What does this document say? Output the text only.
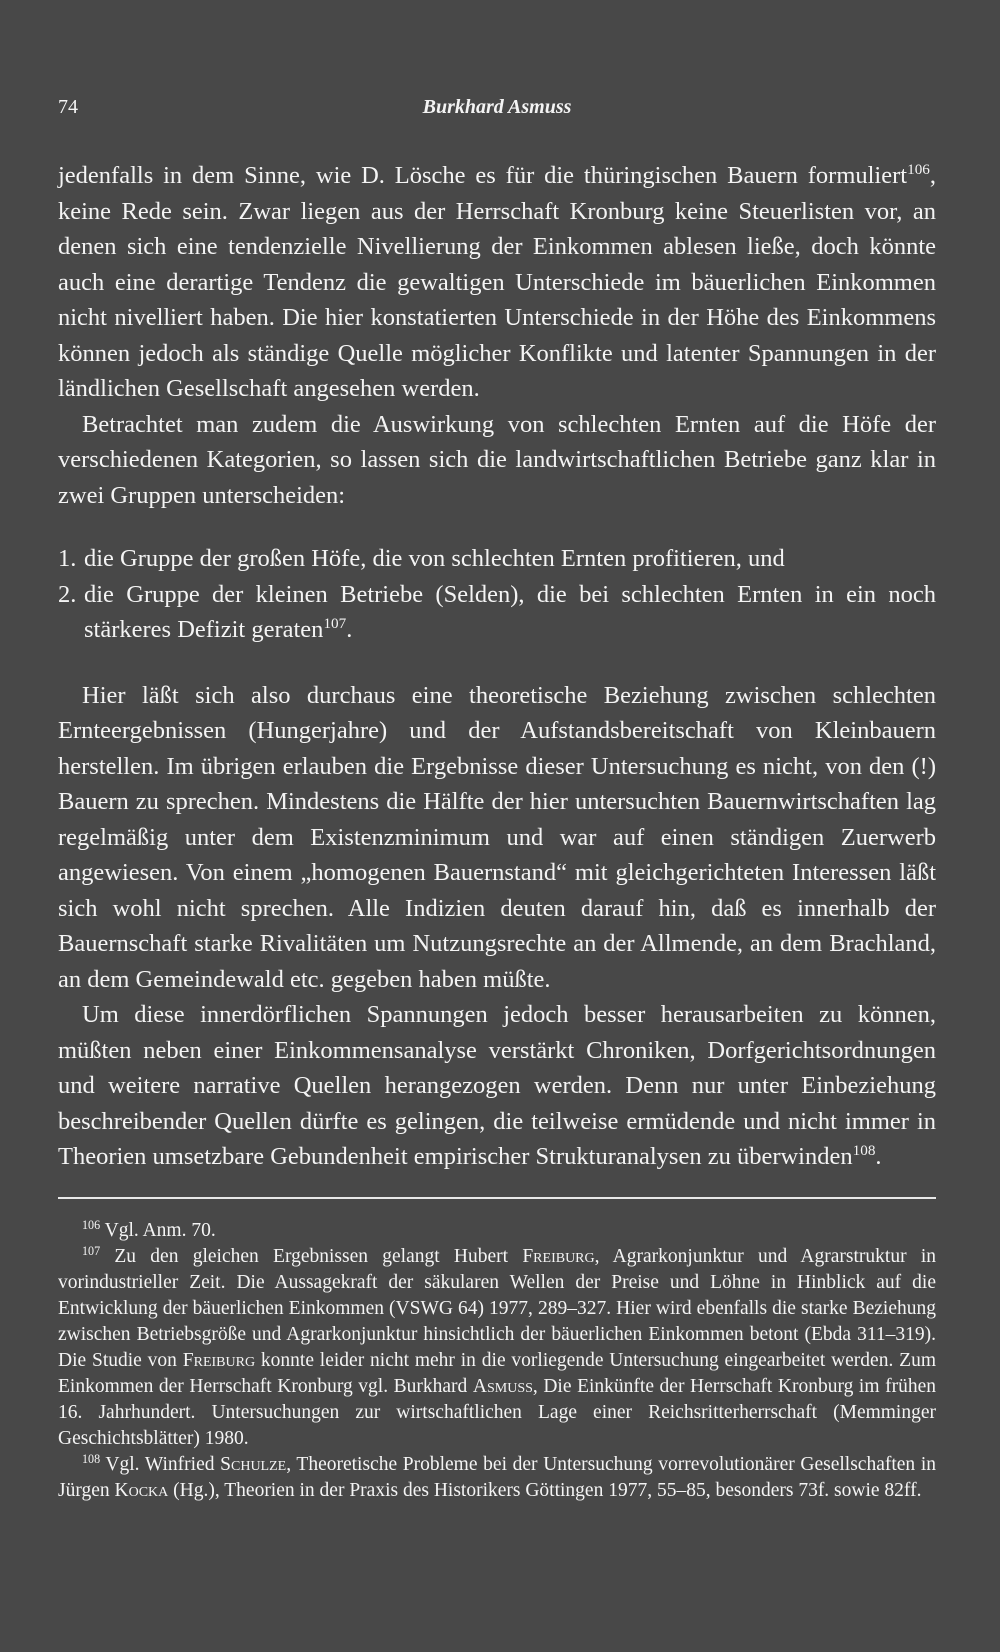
74	Burkhard Asmuss

jedenfalls in dem Sinne, wie D. Lösche es für die thüringischen Bauern formuliert$^{106}$, keine Rede sein. Zwar liegen aus der Herrschaft Kronburg keine Steuerlisten vor, an denen sich eine tendenzielle Nivellierung der Einkommen ablesen ließe, doch könnte auch eine derartige Tendenz die gewaltigen Unterschiede im bäuerlichen Einkommen nicht nivelliert haben. Die hier konstatierten Unterschiede in der Höhe des Einkommens können jedoch als ständige Quelle möglicher Konflikte und latenter Spannungen in der ländlichen Gesellschaft angesehen werden.

Betrachtet man zudem die Auswirkung von schlechten Ernten auf die Höfe der verschiedenen Kategorien, so lassen sich die landwirtschaftlichen Betriebe ganz klar in zwei Gruppen unterscheiden:

1. die Gruppe der großen Höfe, die von schlechten Ernten profitieren, und
2. die Gruppe der kleinen Betriebe (Selden), die bei schlechten Ernten in ein noch stärkeres Defizit geraten$^{107}$.

Hier läßt sich also durchaus eine theoretische Beziehung zwischen schlechten Ernteergebnissen (Hungerjahre) und der Aufstandsbereitschaft von Kleinbauern herstellen. Im übrigen erlauben die Ergebnisse dieser Untersuchung es nicht, von den (!) Bauern zu sprechen. Mindestens die Hälfte der hier untersuchten Bauernwirtschaften lag regelmäßig unter dem Existenzminimum und war auf einen ständigen Zuerwerb angewiesen. Von einem „homogenen Bauernstand“ mit gleichgerichteten Interessen läßt sich wohl nicht sprechen. Alle Indizien deuten darauf hin, daß es innerhalb der Bauernschaft starke Rivalitäten um Nutzungsrechte an der Allmende, an dem Brachland, an dem Gemeindewald etc. gegeben haben müßte.

Um diese innerdörflichen Spannungen jedoch besser herausarbeiten zu können, müßten neben einer Einkommensanalyse verstärkt Chroniken, Dorfgerichtsordnungen und weitere narrative Quellen herangezogen werden. Denn nur unter Einbeziehung beschreibender Quellen dürfte es gelingen, die teilweise ermüdende und nicht immer in Theorien umsetzbare Gebundenheit empirischer Strukturanalysen zu überwinden$^{108}$.

$^{106}$ Vgl. Anm. 70.

$^{107}$ Zu den gleichen Ergebnissen gelangt Hubert Freiburg, Agrarkonjunktur und Agrarstruktur in vorindustrieller Zeit. Die Aussagekraft der säkularen Wellen der Preise und Löhne in Hinblick auf die Entwicklung der bäuerlichen Einkommen (VSWG 64) 1977, 289–327. Hier wird ebenfalls die starke Beziehung zwischen Betriebsgröße und Agrarkonjunktur hinsichtlich der bäuerlichen Einkommen betont (Ebda 311–319). Die Studie von Freiburg konnte leider nicht mehr in die vorliegende Untersuchung eingearbeitet werden. Zum Einkommen der Herrschaft Kronburg vgl. Burkhard Asmuss, Die Einkünfte der Herrschaft Kronburg im frühen 16. Jahrhundert. Untersuchungen zur wirtschaftlichen Lage einer Reichsritterherrschaft (Memminger Geschichtsblätter) 1980.

$^{108}$ Vgl. Winfried Schulze, Theoretische Probleme bei der Untersuchung vorrevolutionärer Gesellschaften in Jürgen Kocka (Hg.), Theorien in der Praxis des Historikers Göttingen 1977, 55–85, besonders 73f. sowie 82ff.
